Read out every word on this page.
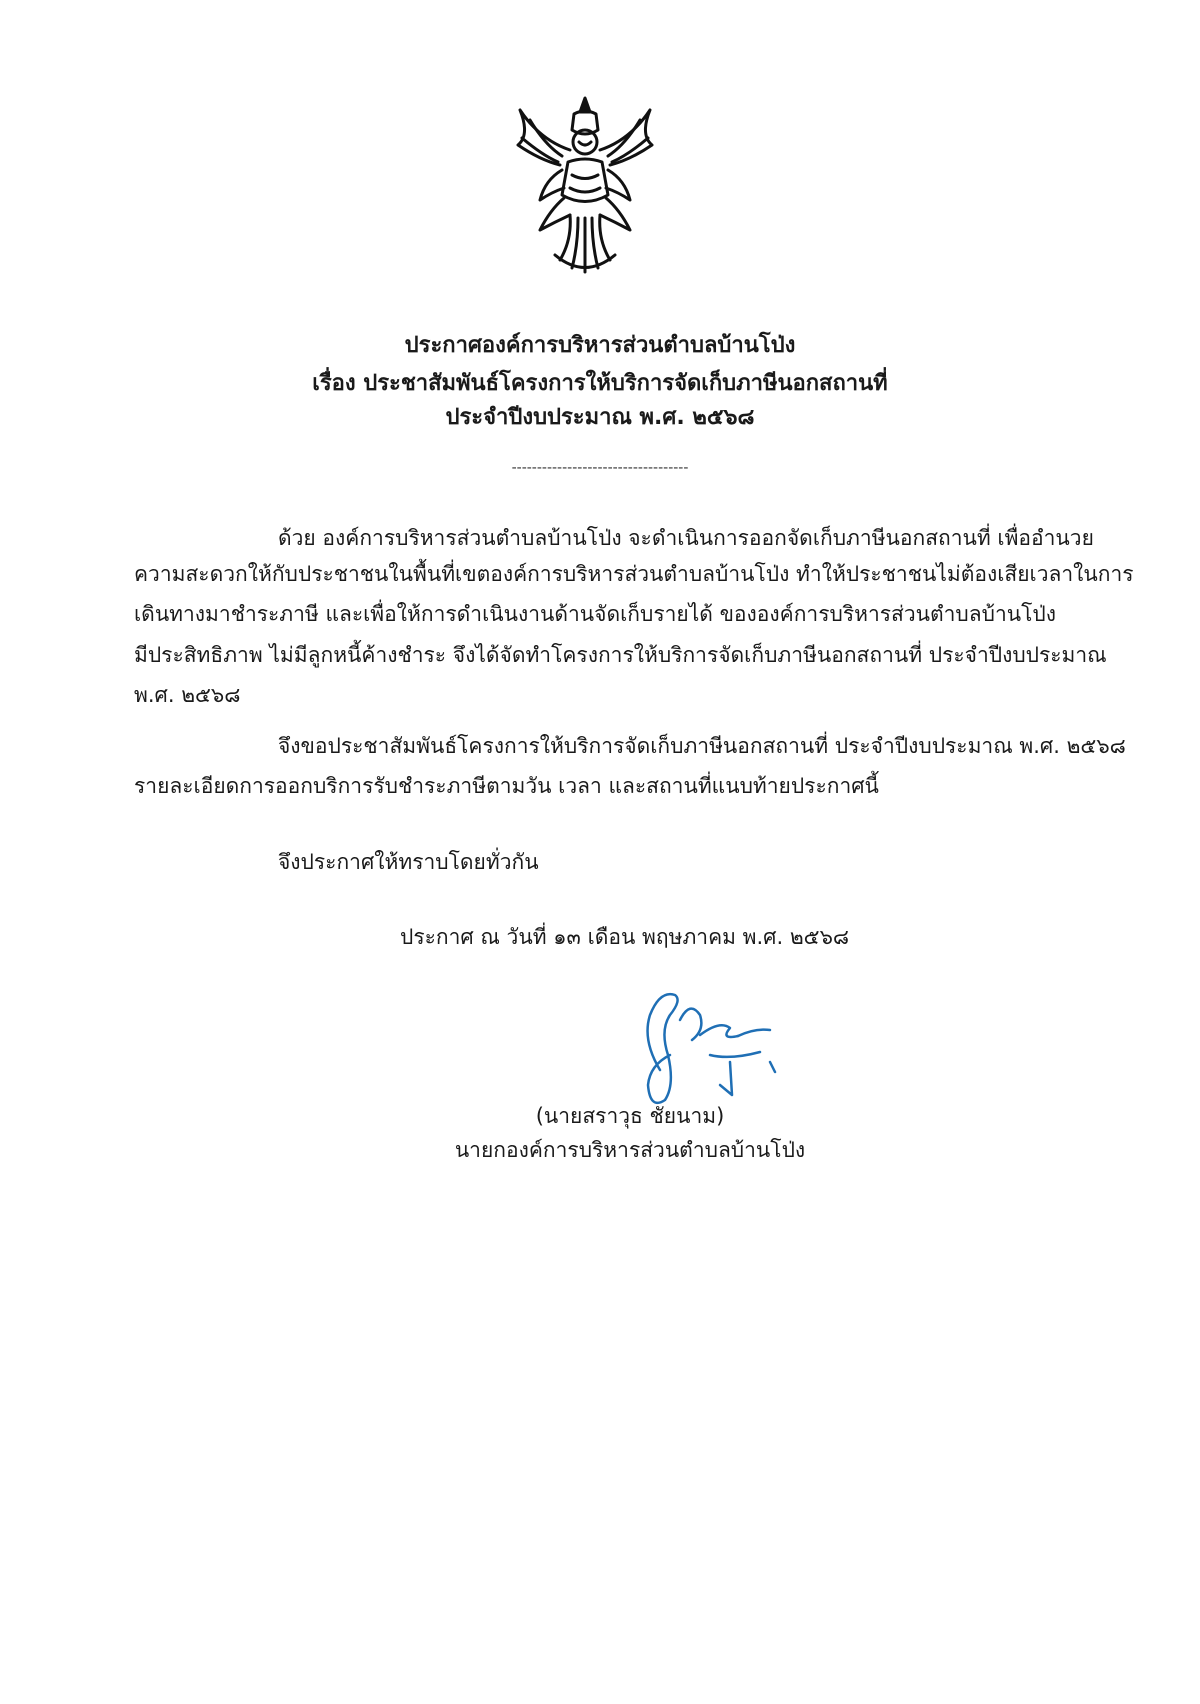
ประกาศองค์การบริหารส่วนตำบลบ้านโป่ง
เรื่อง ประชาสัมพันธ์โครงการให้บริการจัดเก็บภาษีนอกสถานที่
ประจำปีงบประมาณ พ.ศ. ๒๕๖๘
-----------------------------------
ด้วย องค์การบริหารส่วนตำบลบ้านโป่ง จะดำเนินการออกจัดเก็บภาษีนอกสถานที่ เพื่ออำนวย
ความสะดวกให้กับประชาชนในพื้นที่เขตองค์การบริหารส่วนตำบลบ้านโป่ง ทำให้ประชาชนไม่ต้องเสียเวลาในการ
เดินทางมาชำระภาษี และเพื่อให้การดำเนินงานด้านจัดเก็บรายได้ ขององค์การบริหารส่วนตำบลบ้านโป่ง
มีประสิทธิภาพ ไม่มีลูกหนี้ค้างชำระ จึงได้จัดทำโครงการให้บริการจัดเก็บภาษีนอกสถานที่ ประจำปีงบประมาณ
พ.ศ. ๒๕๖๘
จึงขอประชาสัมพันธ์โครงการให้บริการจัดเก็บภาษีนอกสถานที่ ประจำปีงบประมาณ พ.ศ. ๒๕๖๘
รายละเอียดการออกบริการรับชำระภาษีตามวัน เวลา และสถานที่แนบท้ายประกาศนี้
จึงประกาศให้ทราบโดยทั่วกัน
ประกาศ ณ วันที่ ๑๓ เดือน พฤษภาคม พ.ศ. ๒๕๖๘
(นายสราวุธ ชัยนาม)
นายกองค์การบริหารส่วนตำบลบ้านโป่ง
